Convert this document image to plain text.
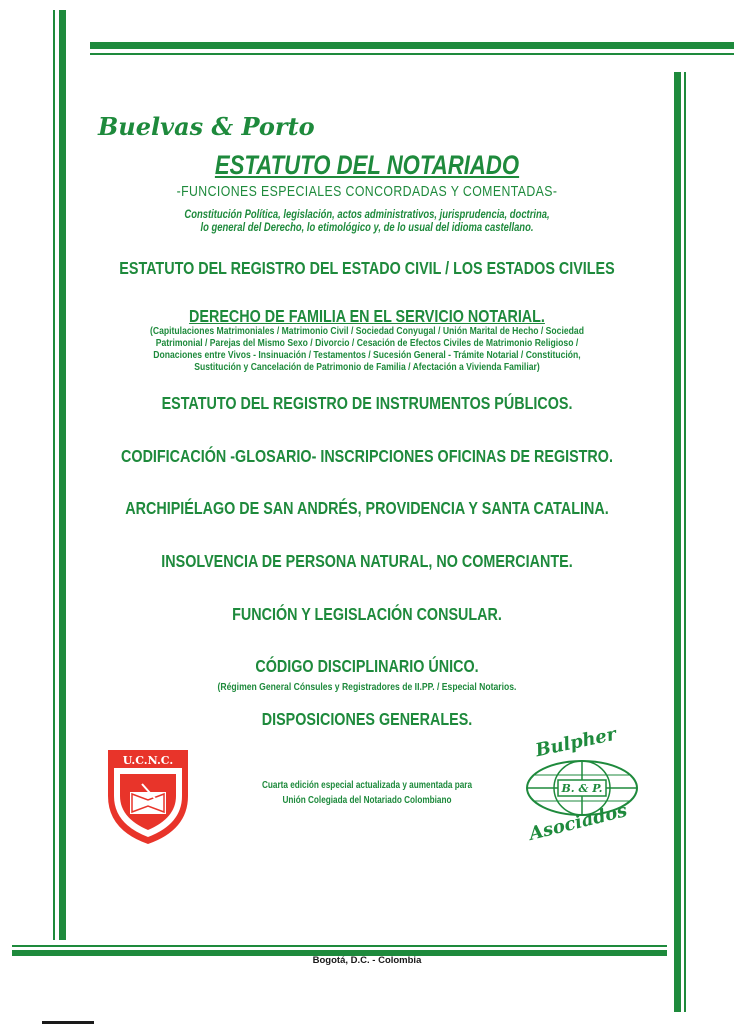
Buelvas & Porto
ESTATUTO DEL NOTARIADO
-FUNCIONES ESPECIALES CONCORDADAS Y COMENTADAS-
Constitución Política, legislación, actos administrativos, jurisprudencia, doctrina,
lo general del Derecho, lo etimológico y, de lo usual del idioma castellano.
ESTATUTO DEL REGISTRO DEL ESTADO CIVIL / LOS ESTADOS CIVILES
DERECHO DE FAMILIA EN EL SERVICIO NOTARIAL.
(Capitulaciones Matrimoniales / Matrimonio Civil / Sociedad Conyugal / Unión Marital de Hecho / Sociedad
Patrimonial / Parejas del Mismo Sexo / Divorcio / Cesación de Efectos Civiles de Matrimonio Religioso /
Donaciones entre Vivos - Insinuación / Testamentos / Sucesión General - Trámite Notarial / Constitución,
Sustitución y Cancelación de Patrimonio de Familia / Afectación a Vivienda Familiar)
ESTATUTO DEL REGISTRO DE INSTRUMENTOS PÚBLICOS.
CODIFICACIÓN -GLOSARIO- INSCRIPCIONES OFICINAS DE REGISTRO.
ARCHIPIÉLAGO DE SAN ANDRÉS, PROVIDENCIA Y SANTA CATALINA.
INSOLVENCIA DE PERSONA NATURAL, NO COMERCIANTE.
FUNCIÓN Y LEGISLACIÓN CONSULAR.
CÓDIGO DISCIPLINARIO ÚNICO.
(Régimen General Cónsules y Registradores de II.PP. / Especial Notarios.
DISPOSICIONES GENERALES.
Cuarta edición especial actualizada y aumentada para
Unión Colegiada del Notariado Colombiano
U.C.N.C.
B. & P.
Bulpher
Asociados
Bogotá, D.C. - Colombia
